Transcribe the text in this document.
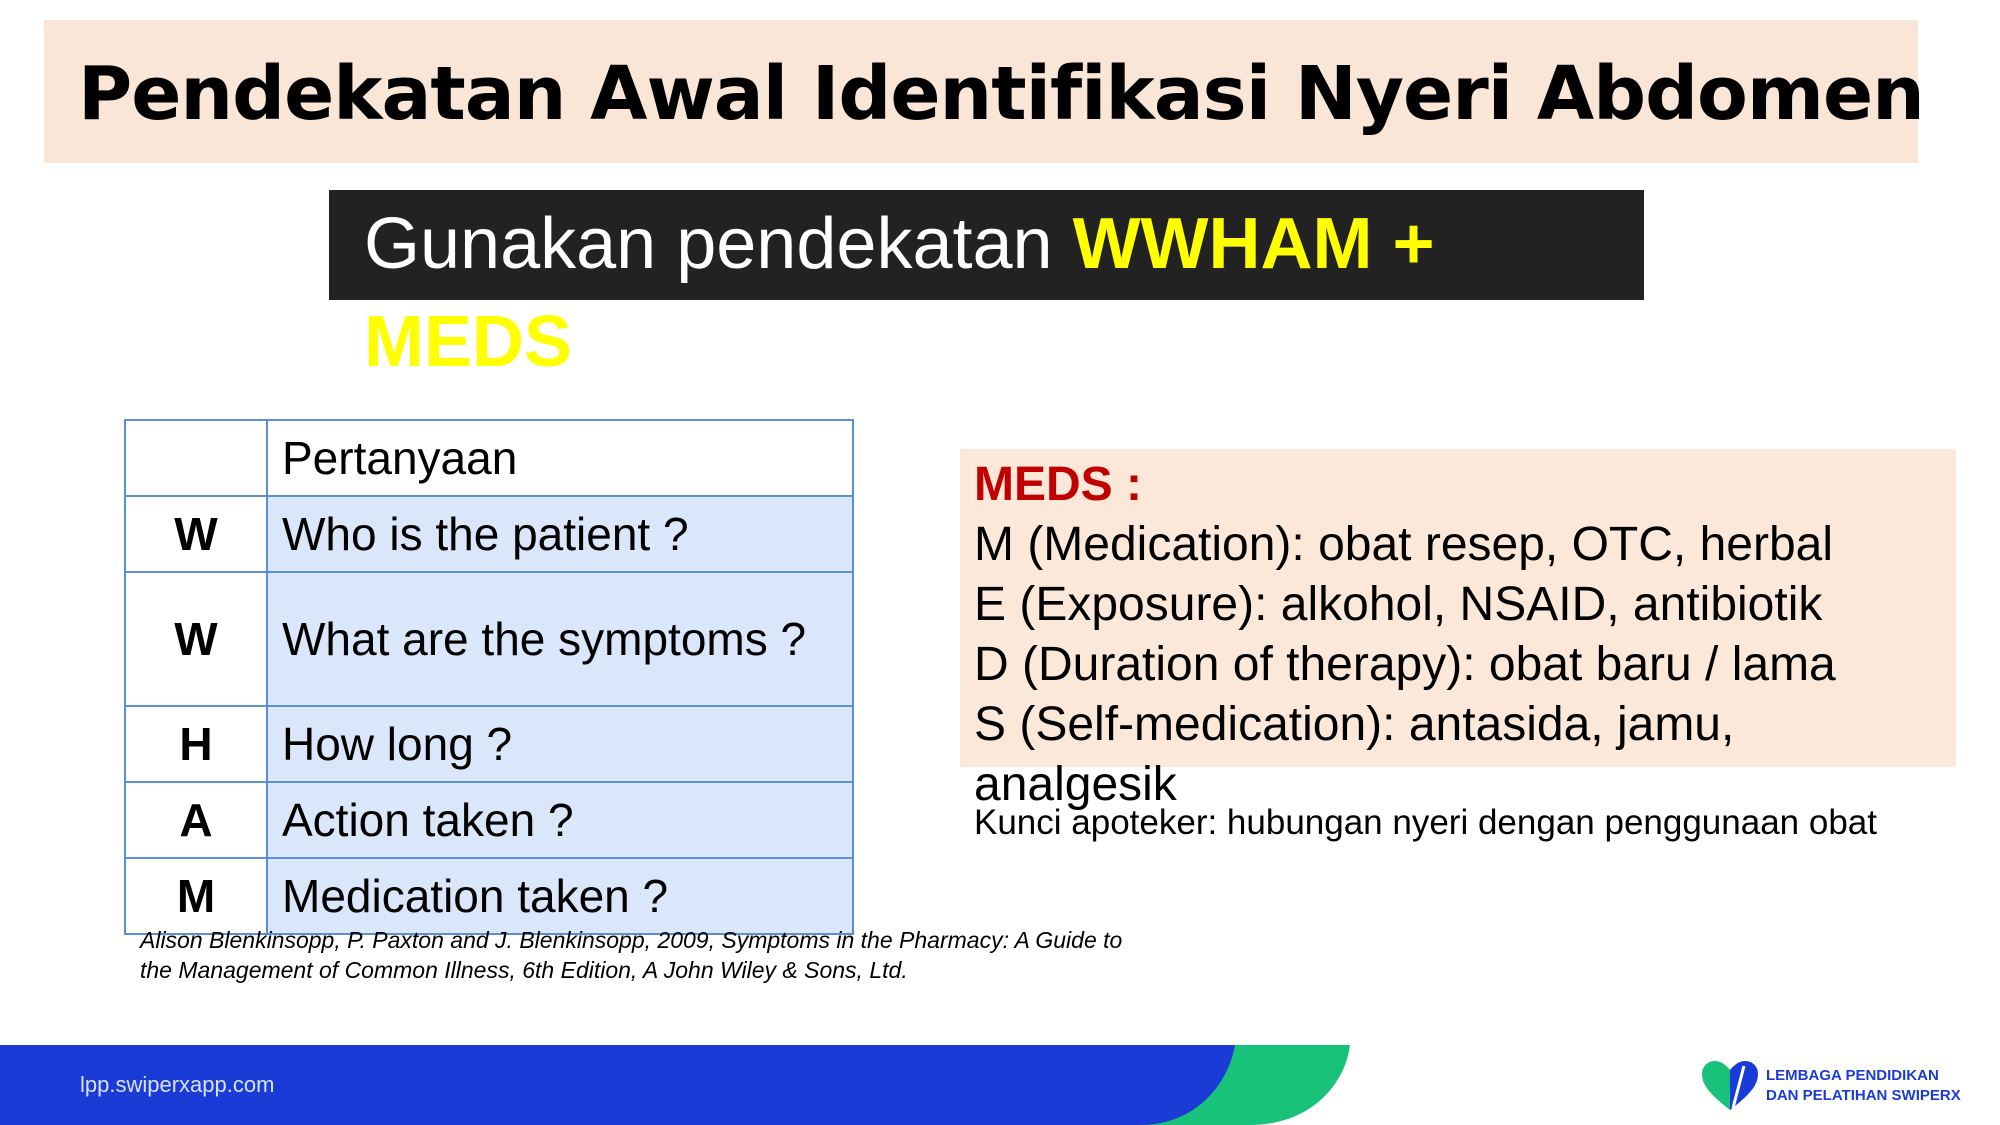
Pendekatan Awal Identifikasi Nyeri Abdomen
Gunakan pendekatan WWHAM +
MEDS
	Pertanyaan
W	Who is the patient ?
W	What are the symptoms ?

H	How long ?
A	Action taken ?
M	Medication taken ?
MEDS :
M (Medication): obat resep, OTC, herbal
E (Exposure): alkohol, NSAID, antibiotik
D (Duration of therapy): obat baru / lama
S (Self-medication): antasida, jamu,
analgesik
Kunci apoteker: hubungan nyeri dengan penggunaan obat
Alison Blenkinsopp, P. Paxton and J. Blenkinsopp, 2009, Symptoms in the Pharmacy: A Guide to the Management of Common Illness, 6th Edition, A John Wiley & Sons, Ltd.
lpp.swiperxapp.com	LEMBAGA PENDIDIKAN
DAN PELATIHAN SWIPERX
